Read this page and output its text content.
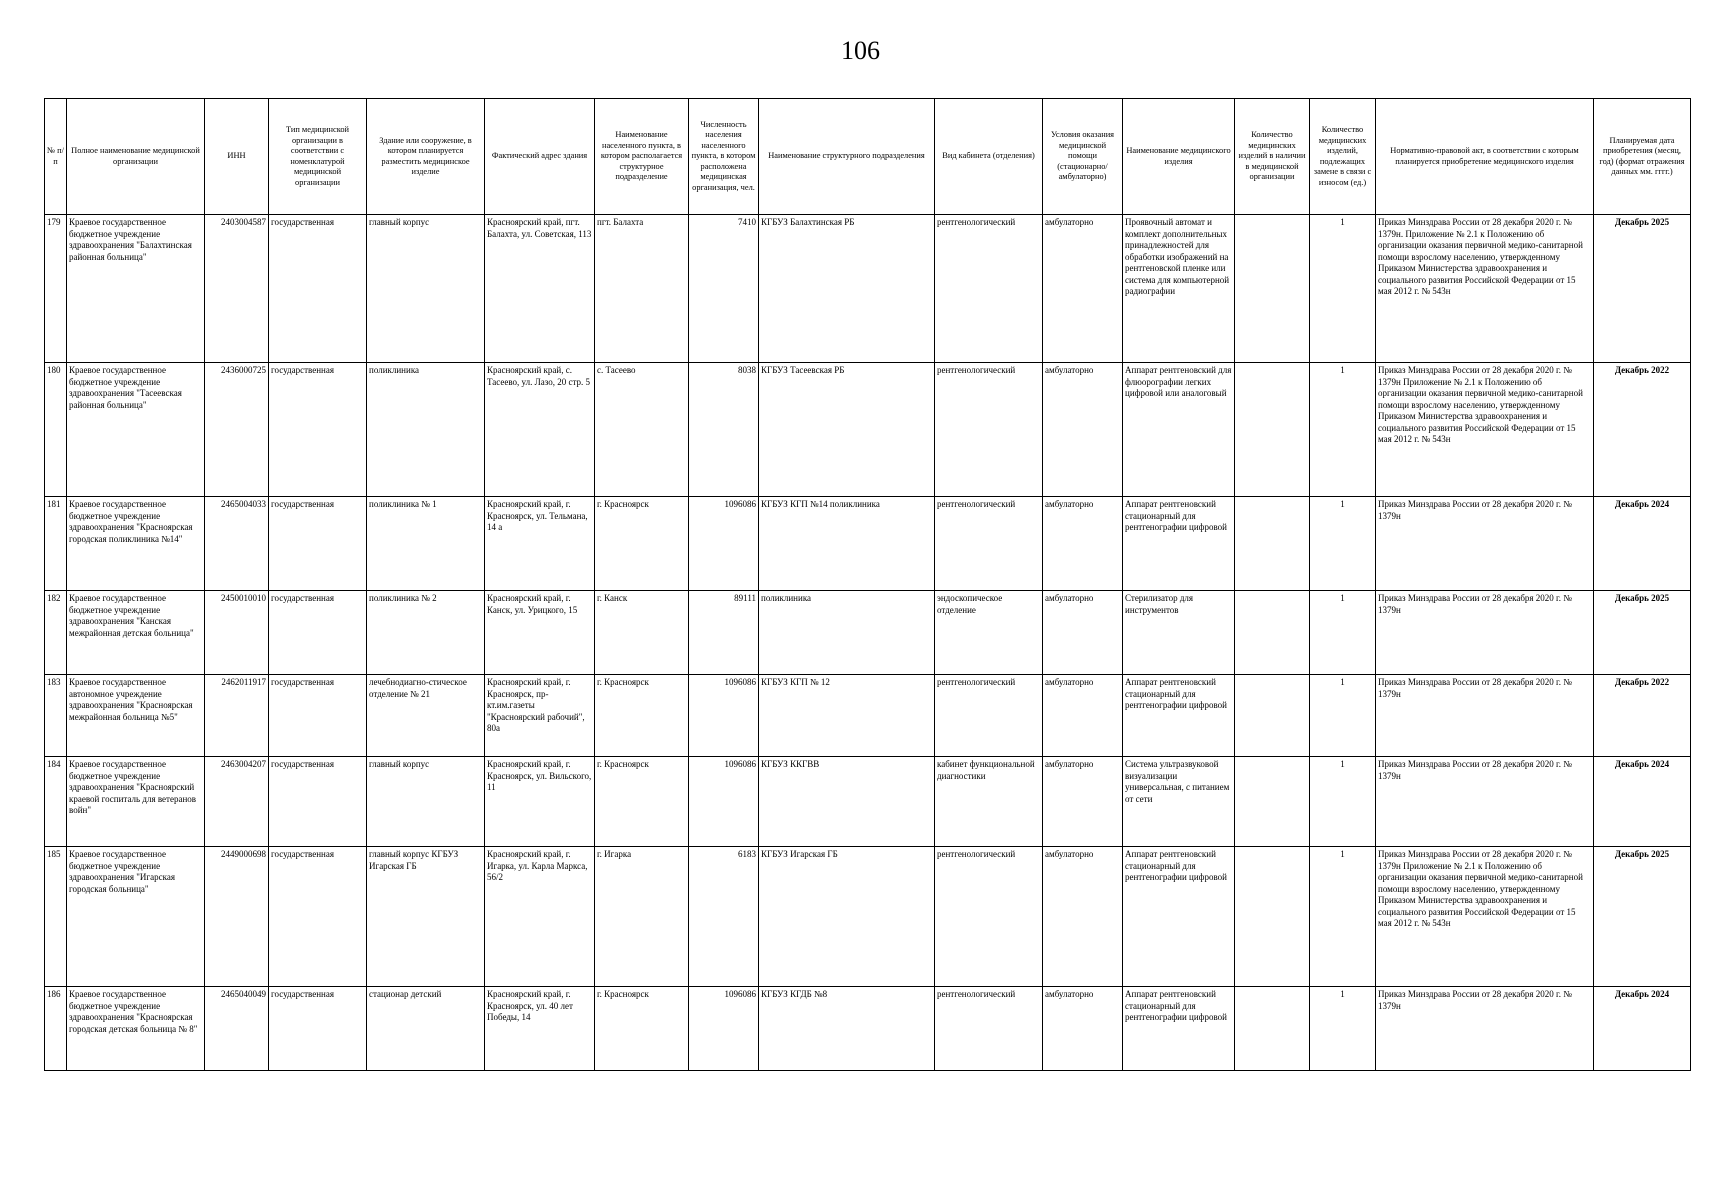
106
№ п/п	Полное наименование медицинской организации	ИНН	Тип медицинской организации в соответствии с номенклатурой медицинской организации	Здание или сооружение, в котором планируется разместить медицинское изделие	Фактический адрес здания	Наименование населенного пункта, в котором располагается структурное подразделение	Численность населения населенного пункта, в котором расположена медицинская организация, чел.	Наименование структурного подразделения	Вид кабинета (отделения)	Условия оказания медицинской помощи (стационарно/ амбулаторно)	Наименование медицинского изделия	Количество медицинских изделий в наличии в медицинской организации	Количество медицинских изделий, подлежащих замене в связи с износом (ед.)	Нормативно-правовой акт, в соответствии с которым планируется приобретение медицинского изделия	Планируемая дата приобретения (месяц, год) (формат отражения данных мм. гггг.)
179	Краевое государственное бюджетное учреждение здравоохранения "Балахтинская районная больница"	2403004587	государственная	главный корпус	Красноярский край, пгт. Балахта, ул. Советская, 113	пгт. Балахта	7410	КГБУЗ Балахтинская РБ	рентгенологический	амбулаторно	Проявочный автомат и комплект дополнительных принадлежностей для обработки изображений на рентгеновской пленке или система для компьютерной радиографии		1	Приказ Минздрава России от 28 декабря 2020 г. № 1379н. Приложение № 2.1 к Положению об организации оказания первичной медико-санитарной помощи взрослому населению, утвержденному Приказом Министерства здравоохранения и социального развития Российской Федерации от 15 мая 2012 г. № 543н	Декабрь 2025
180	Краевое государственное бюджетное учреждение здравоохранения "Тасеевская районная больница"	2436000725	государственная	поликлиника	Красноярский край, с. Тасеево, ул. Лазо, 20 стр. 5	с. Тасеево	8038	КГБУЗ Тасеевская РБ	рентгенологический	амбулаторно	Аппарат рентгеновский для флюорографии легких цифровой или аналоговый		1	Приказ Минздрава России от 28 декабря 2020 г. № 1379н Приложение № 2.1 к Положению об организации оказания первичной медико-санитарной помощи взрослому населению, утвержденному Приказом Министерства здравоохранения и социального развития Российской Федерации от 15 мая 2012 г. № 543н	Декабрь 2022
181	Краевое государственное бюджетное учреждение здравоохранения "Красноярская городская поликлиника №14"	2465004033	государственная	поликлиника № 1	Красноярский край, г. Красноярск, ул. Тельмана, 14 а	г. Красноярск	1096086	КГБУЗ КГП №14 поликлиника	рентгенологический	амбулаторно	Аппарат рентгеновский стационарный для рентгенографии цифровой		1	Приказ Минздрава России от 28 декабря 2020 г. № 1379н	Декабрь 2024
182	Краевое государственное бюджетное учреждение здравоохранения "Канская межрайонная детская больница"	2450010010	государственная	поликлиника № 2	Красноярский край, г. Канск, ул. Урицкого, 15	г. Канск	89111	поликлиника	эндоскопическое отделение	амбулаторно	Стерилизатор для инструментов		1	Приказ Минздрава России от 28 декабря 2020 г. № 1379н	Декабрь 2025
183	Краевое государственное автономное учреждение здравоохранения "Красноярская межрайонная больница №5"	2462011917	государственная	лечебнодиагно-стическое отделение № 21	Красноярский край, г. Красноярск, пр-кт.им.газеты "Красноярский рабочий", 80а	г. Красноярск	1096086	КГБУЗ КГП № 12	рентгенологический	амбулаторно	Аппарат рентгеновский стационарный для рентгенографии цифровой		1	Приказ Минздрава России от 28 декабря 2020 г. № 1379н	Декабрь 2022
184	Краевое государственное бюджетное учреждение здравоохранения "Красноярский краевой госпиталь для ветеранов войн"	2463004207	государственная	главный корпус	Красноярский край, г. Красноярск, ул. Вильского, 11	г. Красноярск	1096086	КГБУЗ ККГВВ	кабинет функциональной диагностики	амбулаторно	Система ультразвуковой визуализации универсальная, с питанием от сети		1	Приказ Минздрава России от 28 декабря 2020 г. № 1379н	Декабрь 2024
185	Краевое государственное бюджетное учреждение здравоохранения "Игарская городская больница"	2449000698	государственная	главный корпус КГБУЗ Игарская ГБ	Красноярский край, г. Игарка, ул. Карла Маркса, 56/2	г. Игарка	6183	КГБУЗ Игарская ГБ	рентгенологический	амбулаторно	Аппарат рентгеновский стационарный для рентгенографии цифровой		1	Приказ Минздрава России от 28 декабря 2020 г. № 1379н Приложение № 2.1 к Положению об организации оказания первичной медико-санитарной помощи взрослому населению, утвержденному Приказом Министерства здравоохранения и социального развития Российской Федерации от 15 мая 2012 г. № 543н	Декабрь 2025
186	Краевое государственное бюджетное учреждение здравоохранения "Красноярская городская детская больница № 8"	2465040049	государственная	стационар детский	Красноярский край, г. Красноярск, ул. 40 лет Победы, 14	г. Красноярск	1096086	КГБУЗ КГДБ №8	рентгенологический	амбулаторно	Аппарат рентгеновский стационарный для рентгенографии цифровой		1	Приказ Минздрава России от 28 декабря 2020 г. № 1379н	Декабрь 2024
